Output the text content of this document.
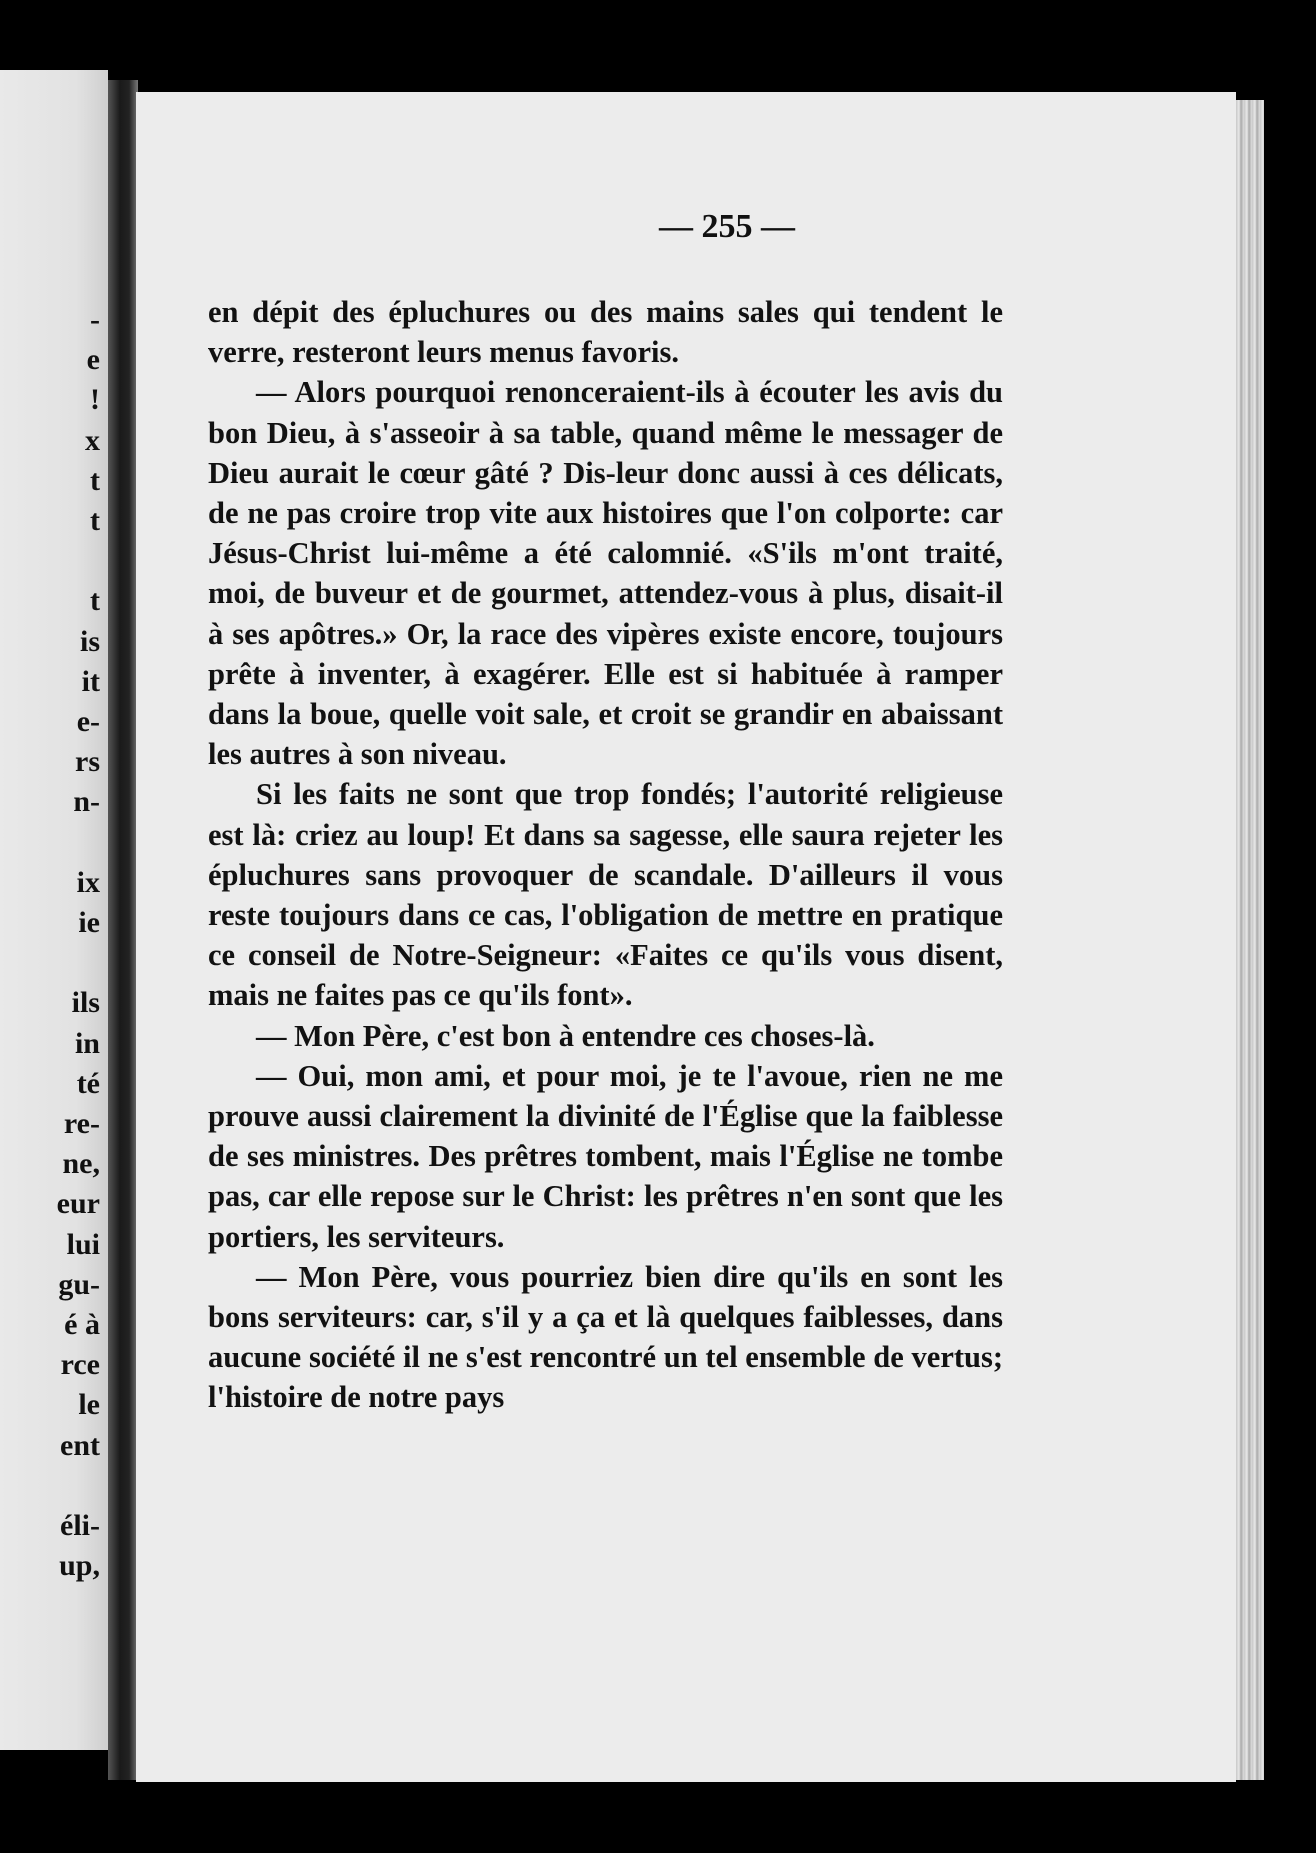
-
e
!
x
t
t
t
is
it
e-
rs
n-
ix
ie
ils
in
té
re-
ne,
eur
lui
gu-
é à
rce
le
ent
éli-
up,
— 255 —

en dépit des épluchures ou des mains sales qui tendent le verre, resteront leurs menus favoris.

— Alors pourquoi renonceraient-ils à écouter les avis du bon Dieu, à s'asseoir à sa table, quand même le messager de Dieu aurait le cœur gâté ? Dis-leur donc aussi à ces délicats, de ne pas croire trop vite aux histoires que l'on colporte: car Jésus-Christ lui-même a été calomnié. «S'ils m'ont traité, moi, de buveur et de gourmet, attendez-vous à plus, disait-il à ses apôtres.» Or, la race des vipères existe encore, toujours prête à inventer, à exagérer. Elle est si habituée à ramper dans la boue, quelle voit sale, et croit se grandir en abaissant les autres à son niveau.

Si les faits ne sont que trop fondés; l'autorité religieuse est là: criez au loup! Et dans sa sagesse, elle saura rejeter les épluchures sans provoquer de scandale. D'ailleurs il vous reste toujours dans ce cas, l'obligation de mettre en pratique ce conseil de Notre-Seigneur: «Faites ce qu'ils vous disent, mais ne faites pas ce qu'ils font».

— Mon Père, c'est bon à entendre ces choses-là.

— Oui, mon ami, et pour moi, je te l'avoue, rien ne me prouve aussi clairement la divinité de l'Église que la faiblesse de ses ministres. Des prêtres tombent, mais l'Église ne tombe pas, car elle repose sur le Christ: les prêtres n'en sont que les portiers, les serviteurs.

— Mon Père, vous pourriez bien dire qu'ils en sont les bons serviteurs: car, s'il y a ça et là quelques faiblesses, dans aucune société il ne s'est rencontré un tel ensemble de vertus; l'histoire de notre pays
